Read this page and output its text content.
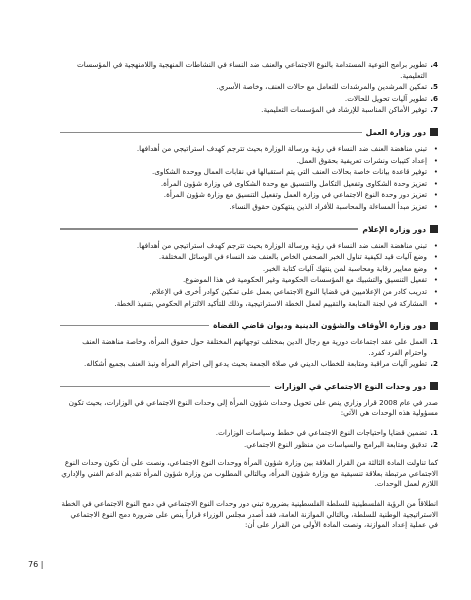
4.
تطوير برامج التوعية المستدامة بالنوع الاجتماعي والعنف ضد النساء في النشاطات المنهجية واللامنهجية في المؤسسات التعليمية.
5.
تمكين المرشدين والمرشدات للتعامل مع حالات العنف، وخاصة الأسري.
6.
تطوير آليات تحويل للحالات.
7.
توفير الأماكن المناسبة للإرشاد في المؤسسات التعليمية.
دور وزارة العمل
•
تبني مناهضة العنف ضد النساء في رؤية ورسالة الوزارة بحيث تترجم كهدف استراتيجي من أهدافها.
•
إعداد كتيبات ونشرات تعريفية بحقوق العمل.
•
توفير قاعدة بيانات خاصة بحالات العنف التي يتم استقبالها في نقابات العمال ووحدة الشكاوى.
•
تعزيز وحدة الشكاوى وتفعيل التكامل والتنسيق مع وحدة الشكاوى في وزارة شؤون المرأة.
•
تعزيز دور وحدة النوع الاجتماعي في وزارة العمل وتفعيل التنسيق مع وزارة شؤون المرأة.
•
تعزيز مبدأ المساءلة والمحاسبة للأفراد الذين ينتهكون حقوق النساء.
دور وزارة الإعلام
•
تبني مناهضة العنف ضد النساء في رؤية ورسالة الوزارة بحيث تترجم كهدف استراتيجي من أهدافها.
•
وضع آليات قيد لكيفية تناول الخبر الصحفي الخاص بالعنف ضد النساء في الوسائل المختلفة.
•
وضع معايير رقابة ومحاسبة لمن ينتهك آليات كتابة الخبر.
•
تفعيل التنسيق والتشبيك مع المؤسسات الحكومية وغير الحكومية في هذا الموضوع.
•
تدريب كادر من الإعلاميين في قضايا النوع الاجتماعي بعمل على تمكين كوادر أخرى في الإعلام.
•
المشاركة في لجنة المتابعة والتقييم لعمل الخطة الاستراتيجية، وذلك للتأكيد الالتزام الحكومي بتنفيذ الخطة.
دور وزارة الأوقاف والشؤون الدينية وديوان قاضي القضاة
1.
العمل على عقد اجتماعات دورية مع رجال الدين بمختلف توجهاتهم المختلفة حول حقوق المرأة، وخاصة مناهضة العنف واحترام الفرد كفرد.
2.
تطوير آليات مراقبة ومتابعة للخطاب الديني في صلاة الجمعة بحيث يدعو إلى احترام المرأة ونبذ العنف بجميع أشكاله.
دور وحدات النوع الاجتماعي في الوزارات

صدر في عام 2008 قرار وزاري ينص على تحويل وحدات شؤون المرأة إلى وحدات النوع الاجتماعي في الوزارات، بحيث تكون مسؤولية هذه الوحدات هي الآتي:

1.
تضمين قضايا واحتياجات النوع الاجتماعي في خطط وسياسات الوزارات.
2.
تدقيق ومتابعة البرامج والسياسات من منظور النوع الاجتماعي.

كما تناولت المادة الثالثة من القرار العلاقة بين وزارة شؤون المرأة ووحدات النوع الاجتماعي، ونصت على أن تكون وحدات النوع الاجتماعي مرتبطة بعلاقة تنسيقية مع وزارة شؤون المرأة، وبالتالي المطلوب من وزارة شؤون المرأة تقديم الدعم الفني والإداري اللازم لعمل الوحدات.

انطلاقاً من الرؤية الفلسطينية للسلطة الفلسطينية بضرورة تبني دور وحدات النوع الاجتماعي في دمج النوع الاجتماعي في الخطة الاستراتيجية الوطنية للسلطة، وبالتالي الموازنة العامة، فقد أصدر مجلس الوزراء قراراً ينص على ضرورة دمج النوع الاجتماعي في عملية إعداد الموازنة، ونصت المادة الأولى من القرار على أن:

76 |
